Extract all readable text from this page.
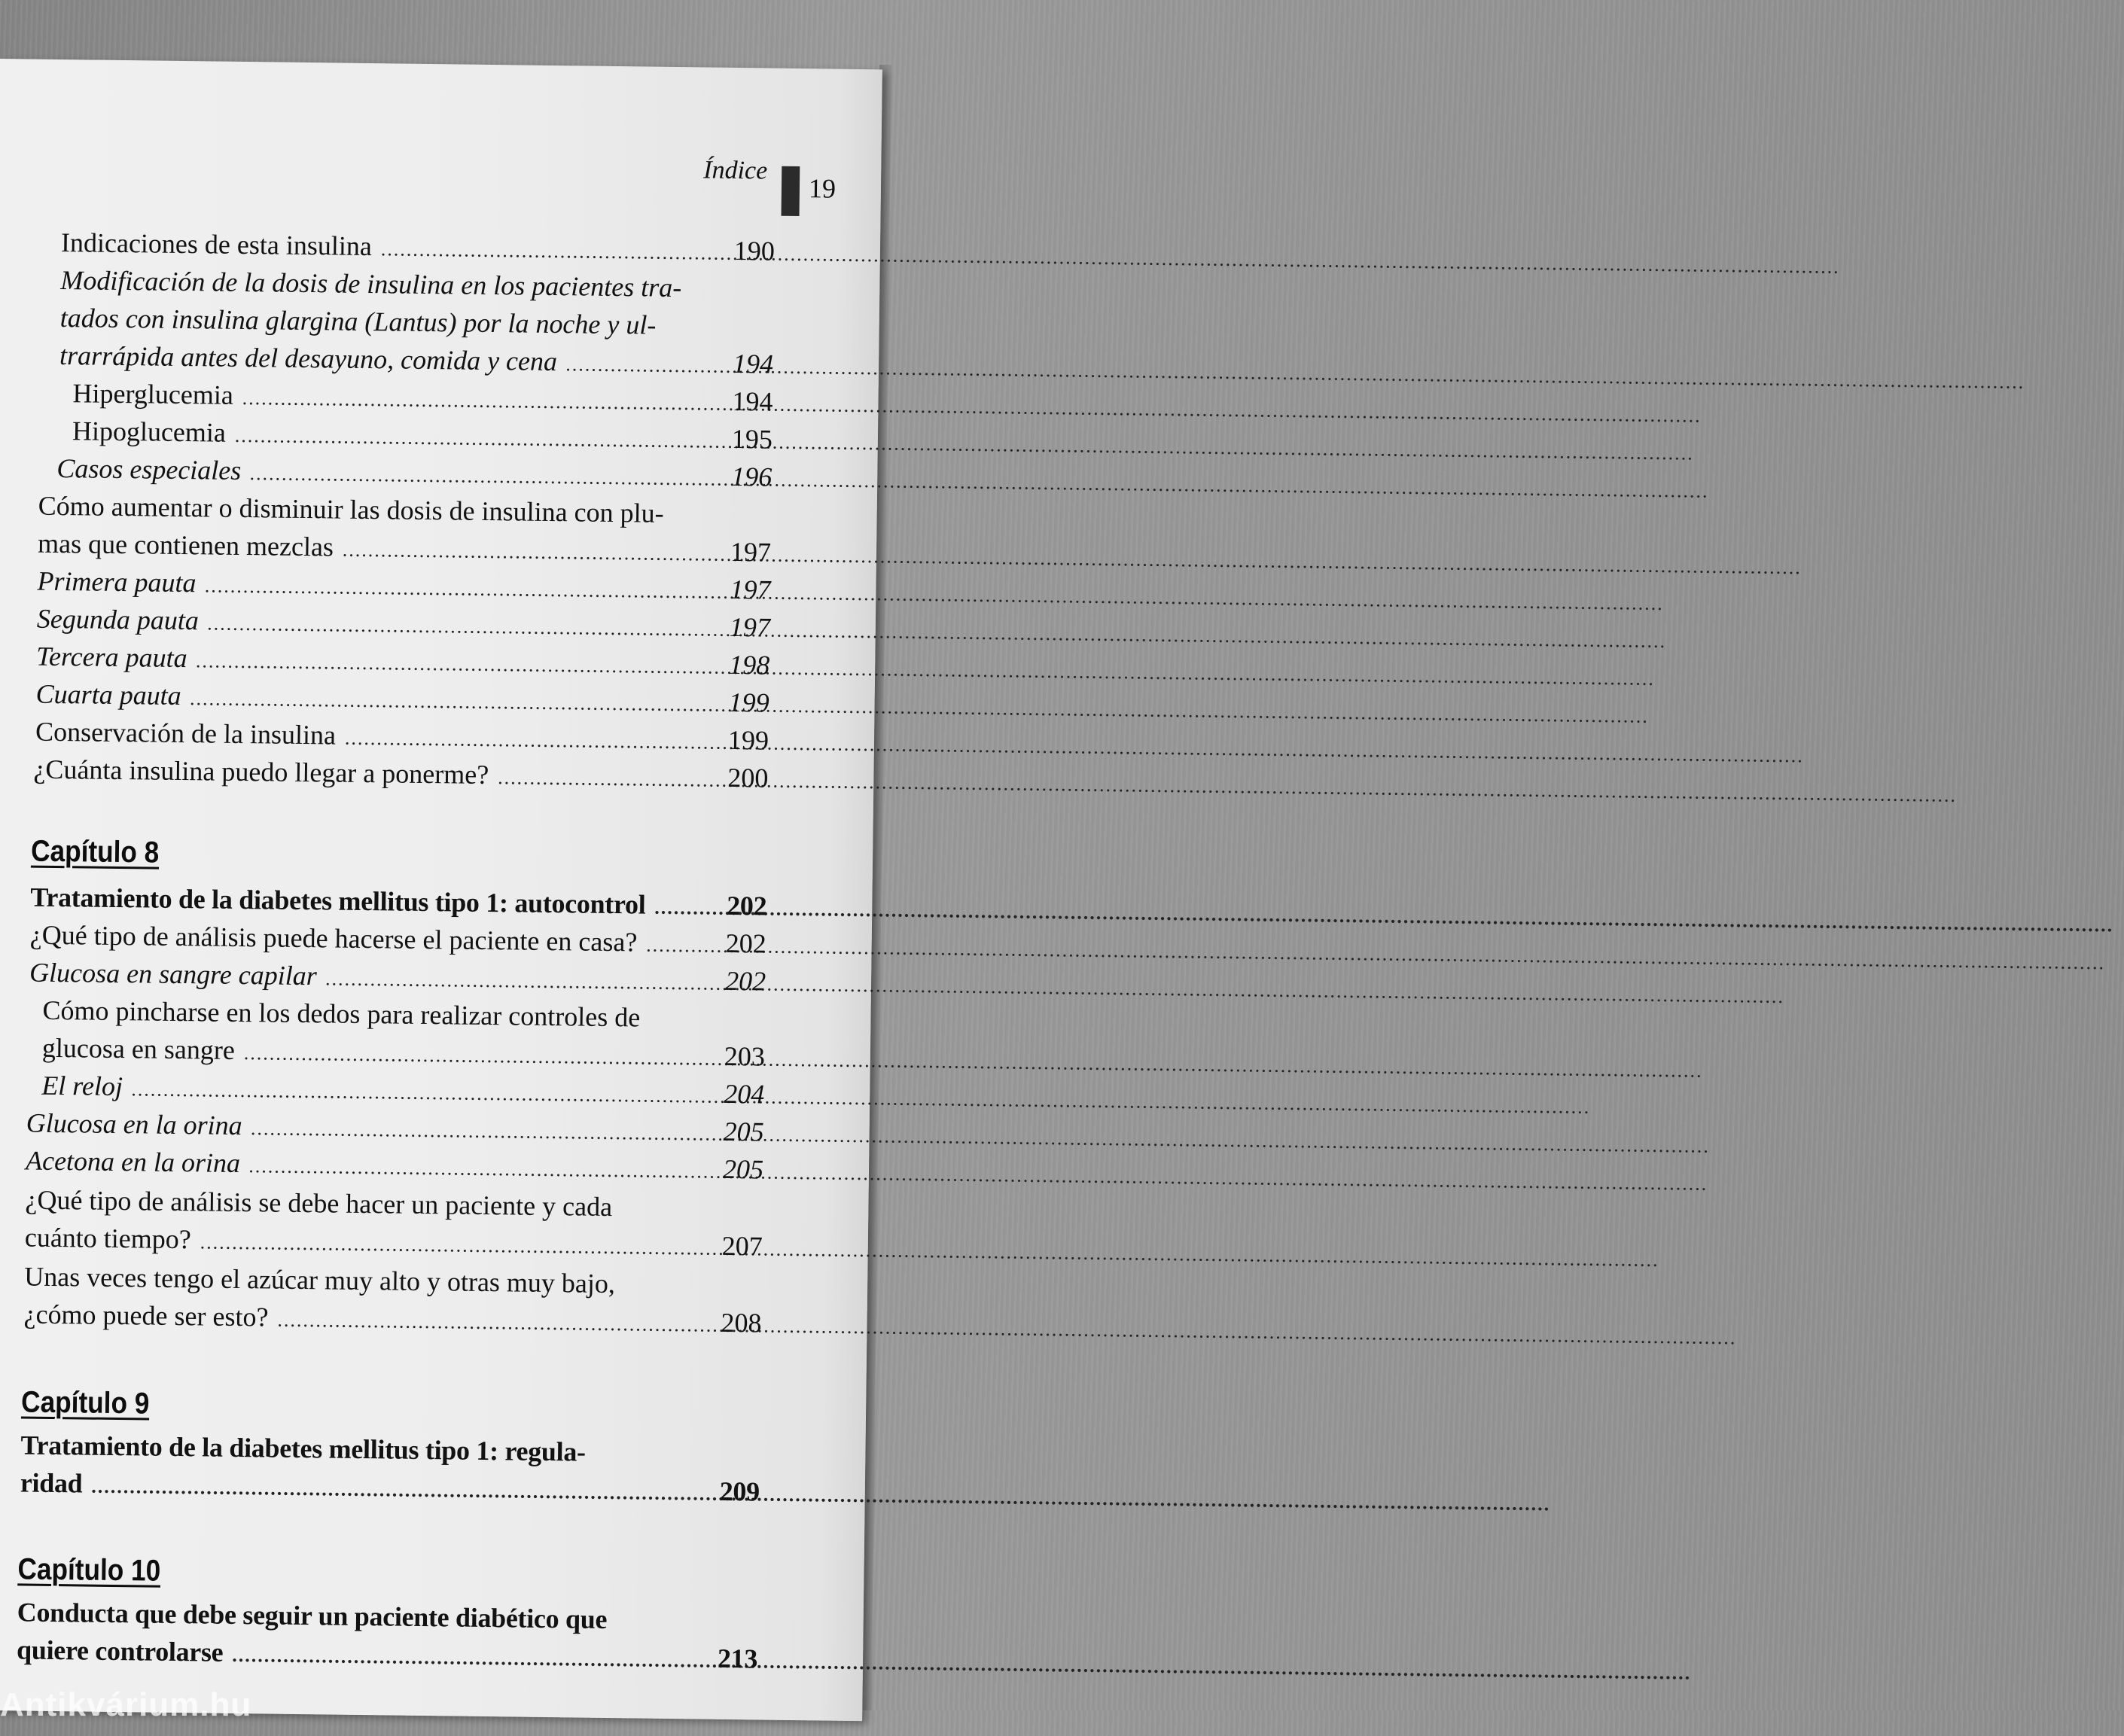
Índice
19
Indicaciones de esta insulina .....	190
Modificación de la dosis de insulina en los pacientes tra-
tados con insulina glargina (Lantus) por la noche y ul-
trarrápida antes del desayuno, comida y cena .....	194
Hiperglucemia .....	194
Hipoglucemia .....	195
Casos especiales .....	196
Cómo aumentar o disminuir las dosis de insulina con plu-
mas que contienen mezclas .....	197
Primera pauta .....	197
Segunda pauta .....	197
Tercera pauta .....	198
Cuarta pauta .....	199
Conservación de la insulina .....	199
¿Cuánta insulina puedo llegar a ponerme? .....	200
Capítulo 8
Tratamiento de la diabetes mellitus tipo 1: autocontrol .....	202
¿Qué tipo de análisis puede hacerse el paciente en casa? .....	202
Glucosa en sangre capilar .....	202
Cómo pincharse en los dedos para realizar controles de
glucosa en sangre .....	203
El reloj .....	204
Glucosa en la orina .....	205
Acetona en la orina .....	205
¿Qué tipo de análisis se debe hacer un paciente y cada
cuánto tiempo? .....	207
Unas veces tengo el azúcar muy alto y otras muy bajo,
¿cómo puede ser esto? .....	208
Capítulo 9
Tratamiento de la diabetes mellitus tipo 1: regula-
ridad .....	209
Capítulo 10
Conducta que debe seguir un paciente diabético que
quiere controlarse .....	213
Antikvárium.hu
